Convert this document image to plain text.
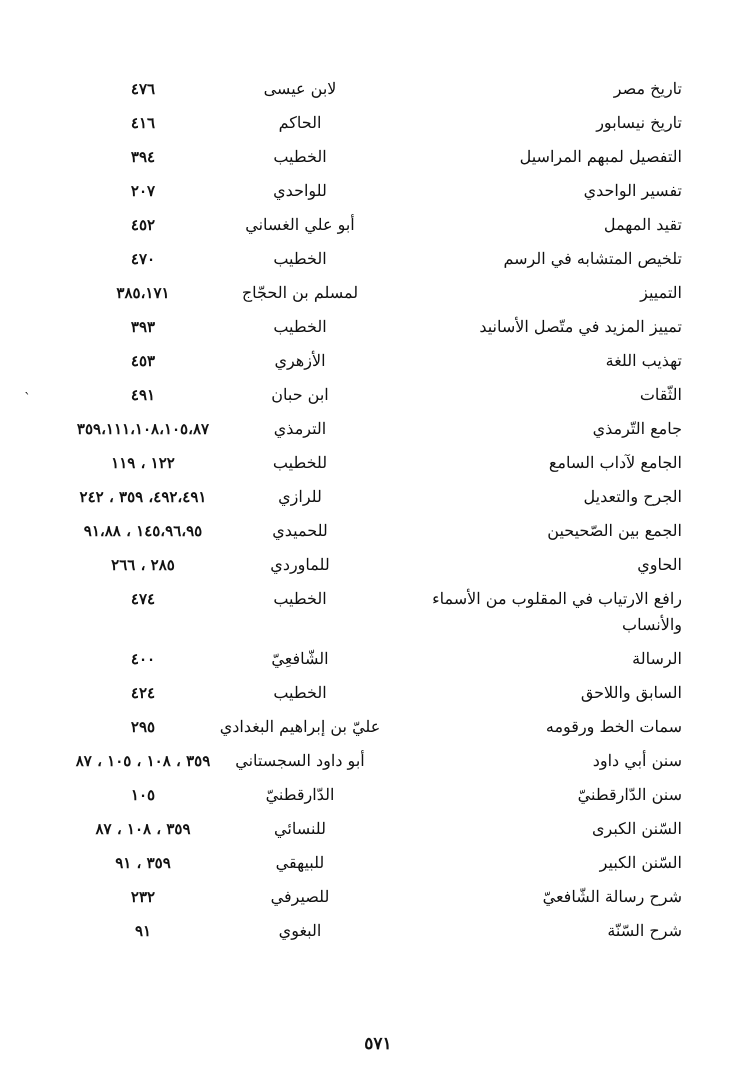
تاريخ مصر
لابن عيسى
٤٧٦
تاريخ نيسابور
الحاكم
٤١٦
التفصيل لمبهم المراسيل
الخطيب
٣٩٤
تفسير الواحدي
للواحدي
٢٠٧
تقيد المهمل
أبو علي الغساني
٤٥٢
تلخيص المتشابه في الرسم
الخطيب
٤٧٠
التمييز
لمسلم بن الحجّاج
٣٨٥،١٧١
تمييز المزيد في متّصل الأسانيد
الخطيب
٣٩٣
تهذيب اللغة
الأزهري
٤٥٣
الثّقات
ابن حبان
٤٩١
جامع التّرمذي
الترمذي
٣٥٩،١١١،١٠٨،١٠٥،٨٧
الجامع لآداب السامع
للخطيب
١٢٢ ، ١١٩
الجرح والتعديل
للرازي
٤٩٢،٤٩١، ٣٥٩ ، ٢٤٢
الجمع بين الصّحيحين
للحميدي
١٤٥،٩٦،٩٥ ، ٩١،٨٨
الحاوي
للماوردي
٢٨٥ ، ٢٦٦
رافع الارتياب في المقلوب من الأسماء والأنساب
الخطيب
٤٧٤
الرسالة
الشّافعِيّ
٤٠٠
السابق واللاحق
الخطيب
٤٢٤
سمات الخط ورقومه
عليّ بن إبراهيم البغدادي
٢٩٥
سنن أبي داود
أبو داود السجستاني
٣٥٩ ، ١٠٨ ، ١٠٥ ، ٨٧
سنن الدّارقطنيّ
الدّارقطنيّ
١٠٥
السّنن الكبرى
للنسائي
٣٥٩ ، ١٠٨ ، ٨٧
السّنن الكبير
للبيهقي
٣٥٩ ، ٩١
شرح رسالة الشّافعيّ
للصيرفي
٢٣٢
شرح السّنّة
البغوي
٩١
`
٥٧١
